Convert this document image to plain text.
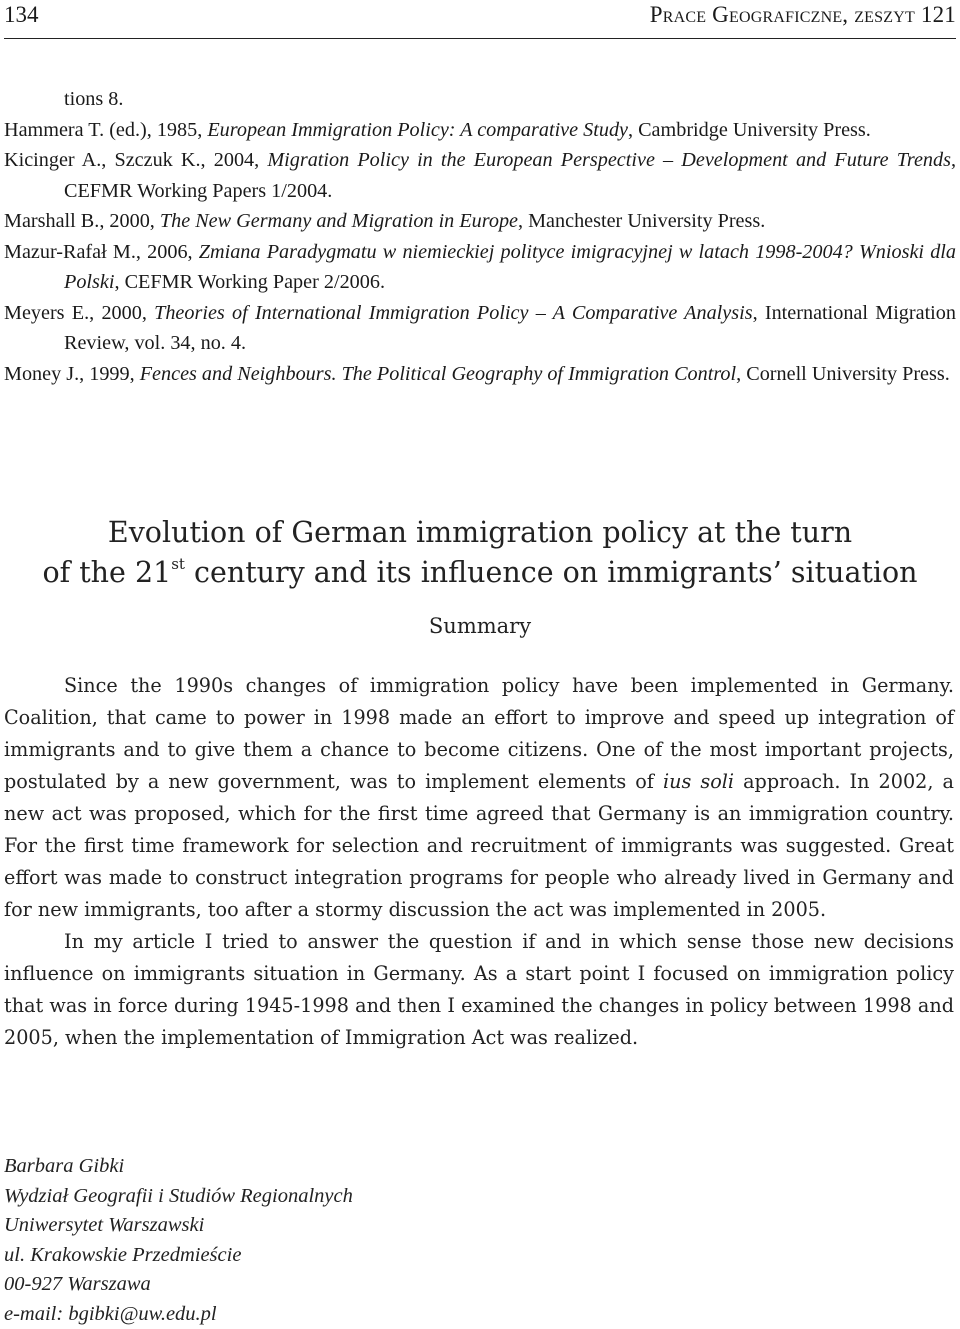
134	Prace Geograficzne, zeszyt 121
tions 8.
Hammera T. (ed.), 1985, European Immigration Policy: A comparative Study, Cambridge University Press.
Kicinger A., Szczuk K., 2004, Migration Policy in the European Perspective – Development and Future Trends, CEFMR Working Papers 1/2004.
Marshall B., 2000, The New Germany and Migration in Europe, Manchester University Press.
Mazur-Rafał M., 2006, Zmiana Paradygmatu w niemieckiej polityce imigracyjnej w latach 1998-2004? Wnioski dla Polski, CEFMR Working Paper 2/2006.
Meyers E., 2000, Theories of International Immigration Policy – A Comparative Analysis, International Migration Review, vol. 34, no. 4.
Money J., 1999, Fences and Neighbours. The Political Geography of Immigration Control, Cornell University Press.
Evolution of German immigration policy at the turn
of the 21st century and its influence on immigrants’ situation
Summary

Since the 1990s changes of immigration policy have been implemented in Germany. Coalition, that came to power in 1998 made an effort to improve and speed up integration of immigrants and to give them a chance to become citizens. One of the most important projects, postulated by a new government, was to implement elements of ius soli approach. In 2002, a new act was proposed, which for the first time agreed that Germany is an immigration country. For the first time framework for selection and recruitment of immigrants was suggested. Great effort was made to construct integration programs for people who already lived in Germany and for new immigrants, too after a stormy discussion the act was implemented in 2005.

In my article I tried to answer the question if and in which sense those new decisions influence on immigrants situation in Germany. As a start point I focused on immigration policy that was in force during 1945-1998 and then I examined the changes in policy between 1998 and 2005, when the implementation of Immigration Act was realized.

Barbara Gibki
Wydział Geografii i Studiów Regionalnych
Uniwersytet Warszawski
ul. Krakowskie Przedmieście
00-927 Warszawa
e-mail: bgibki@uw.edu.pl
